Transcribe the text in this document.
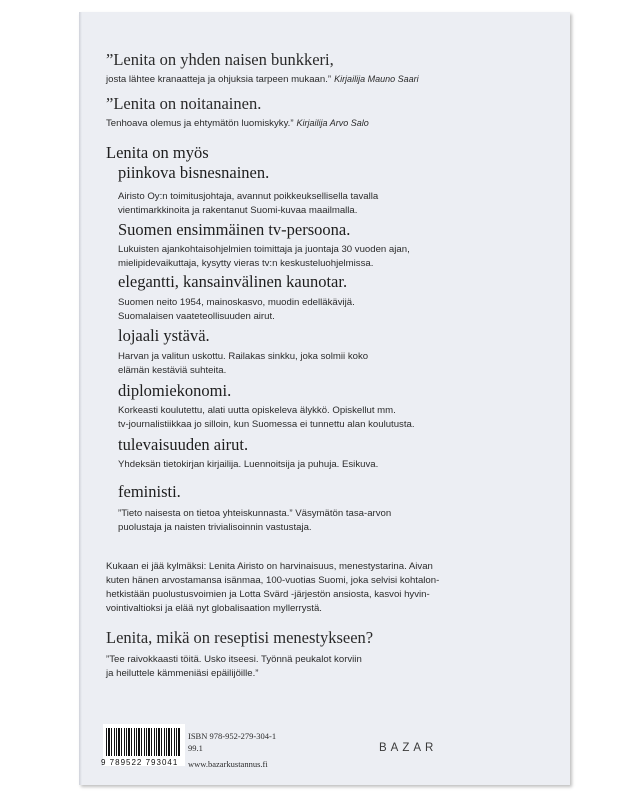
”Lenita on yhden naisen bunkkeri,
josta lähtee kranaatteja ja ohjuksia tarpeen mukaan.” Kirjailija Mauno Saari
”Lenita on noitanainen.
Tenhoava olemus ja ehtymätön luomiskyky.” Kirjailija Arvo Salo
Lenita on myös
piinkova bisnesnainen.
Airisto Oy:n toimitusjohtaja, avannut poikkeuksellisella tavalla
vientimarkkinoita ja rakentanut Suomi-kuvaa maailmalla.
Suomen ensimmäinen tv-persoona.
Lukuisten ajankohtaisohjelmien toimittaja ja juontaja 30 vuoden ajan,
mielipidevaikuttaja, kysytty vieras tv:n keskusteluohjelmissa.
elegantti, kansainvälinen kaunotar.
Suomen neito 1954, mainoskasvo, muodin edelläkävijä.
Suomalaisen vaateteollisuuden airut.
lojaali ystävä.
Harvan ja valitun uskottu. Railakas sinkku, joka solmii koko
elämän kestäviä suhteita.
diplomiekonomi.
Korkeasti koulutettu, alati uutta opiskeleva älykkö. Opiskellut mm.
tv-journalistiikkaa jo silloin, kun Suomessa ei tunnettu alan koulutusta.
tulevaisuuden airut.
Yhdeksän tietokirjan kirjailija. Luennoitsija ja puhuja. Esikuva.
feministi.
”Tieto naisesta on tietoa yhteiskunnasta.” Väsymätön tasa-arvon
puolustaja ja naisten trivialisoinnin vastustaja.
Kukaan ei jää kylmäksi: Lenita Airisto on harvinaisuus, menestystarina. Aivan
kuten hänen arvostamansa isänmaa, 100-vuotias Suomi, joka selvisi kohtalon-
hetkistään puolustusvoimien ja Lotta Svärd -järjestön ansiosta, kasvoi hyvin-
vointivaltioksi ja elää nyt globalisaation myllerrystä.
Lenita, mikä on reseptisi menestykseen?
”Tee raivokkaasti töitä. Usko itseesi. Työnnä peukalot korviin
ja heiluttele kämmeniäsi epäilijöille.”
9 789522 793041
ISBN 978-952-279-304-1
99.1
www.bazarkustannus.fi
BAZAR
